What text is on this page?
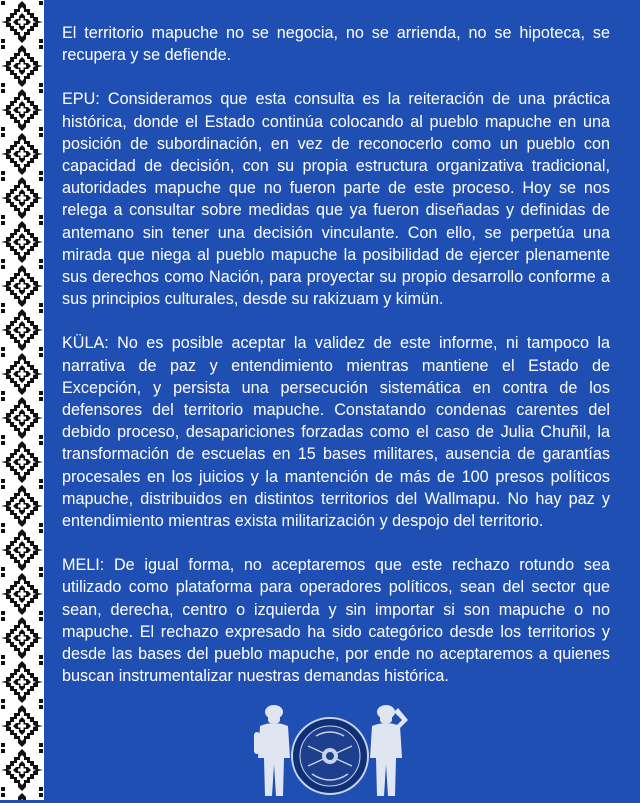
El territorio mapuche no se negocia, no se arrienda, no se hipoteca, se recupera y se defiende.

EPU: Consideramos que esta consulta es la reiteración de una práctica histórica, donde el Estado continúa colocando al pueblo mapuche en una posición de subordinación, en vez de reconocerlo como un pueblo con capacidad de decisión, con su propia estructura organizativa tradicional, autoridades mapuche que no fueron parte de este proceso. Hoy se nos relega a consultar sobre medidas que ya fueron diseñadas y definidas de antemano sin tener una decisión vinculante. Con ello, se perpetúa una mirada que niega al pueblo mapuche la posibilidad de ejercer plenamente sus derechos como Nación, para proyectar su propio desarrollo conforme a sus principios culturales, desde su rakizuam y kimün.

KÜLA: No es posible aceptar la validez de este informe, ni tampoco la narrativa de paz y entendimiento mientras mantiene el Estado de Excepción, y persista una persecución sistemática en contra de los defensores del territorio mapuche. Constatando condenas carentes del debido proceso, desapariciones forzadas como el caso de Julia Chuñil, la transformación de escuelas en 15 bases militares, ausencia de garantías procesales en los juicios y la mantención de más de 100 presos políticos mapuche, distribuidos en distintos territorios del Wallmapu. No hay paz y entendimiento mientras exista militarización y despojo del territorio.

MELI: De igual forma, no aceptaremos que este rechazo rotundo sea utilizado como plataforma para operadores políticos, sean del sector que sean, derecha, centro o izquierda y sin importar si son mapuche o no mapuche. El rechazo expresado ha sido categórico desde los territorios y desde las bases del pueblo mapuche, por ende no aceptaremos a quienes buscan instrumentalizar nuestras demandas histórica.
